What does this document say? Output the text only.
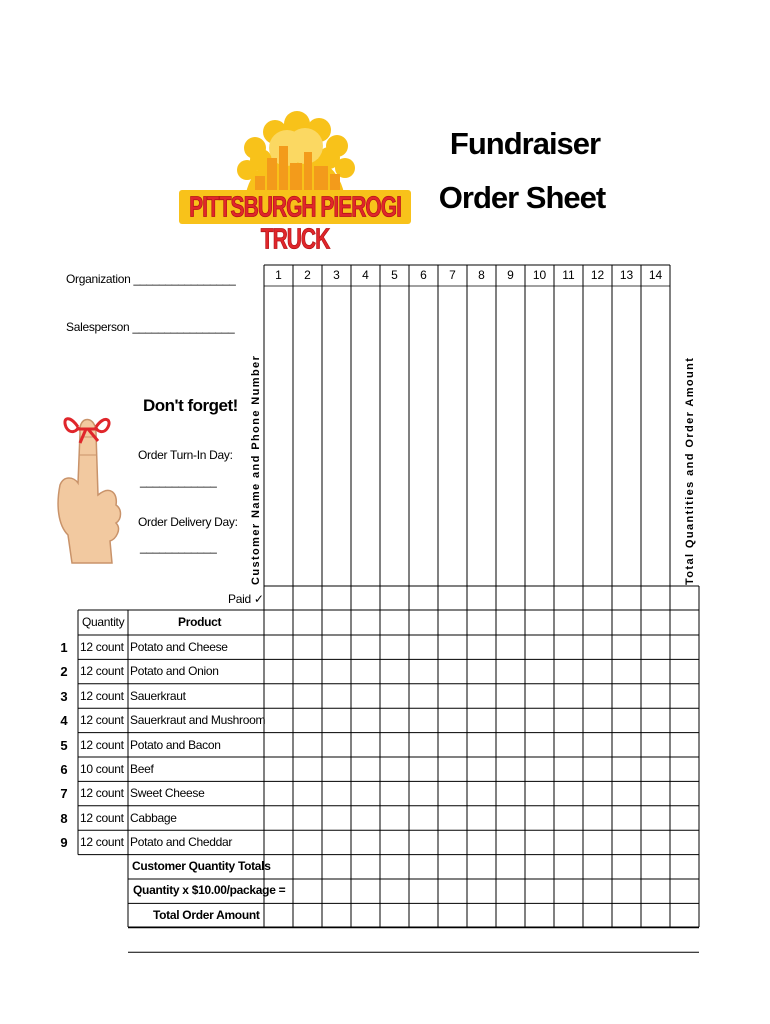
PITTSBURGH PIEROGI TRUCK
Fundraiser
Order Sheet
Organization ________________
Salesperson ________________
Don't forget!
Order Turn-In Day:
____________
Order Delivery Day:
____________	Customer Name and Phone Number	Total Quantities and Order Amount
1	2	3	4	5	6	7	8	9	10	11	12	13	14
Paid ✓
Quantity	Product
1	12 count Potato and Cheese
2	12 count Potato and Onion
3	12 count Sauerkraut
4	12 count Sauerkraut and Mushroom
5	12 count Potato and Bacon
6	10 count Beef
7	12 count Sweet Cheese
8	12 count Cabbage
9	12 count Potato and Cheddar
Customer Quantity Totals
Quantity x $10.00/package =
Total Order Amount
